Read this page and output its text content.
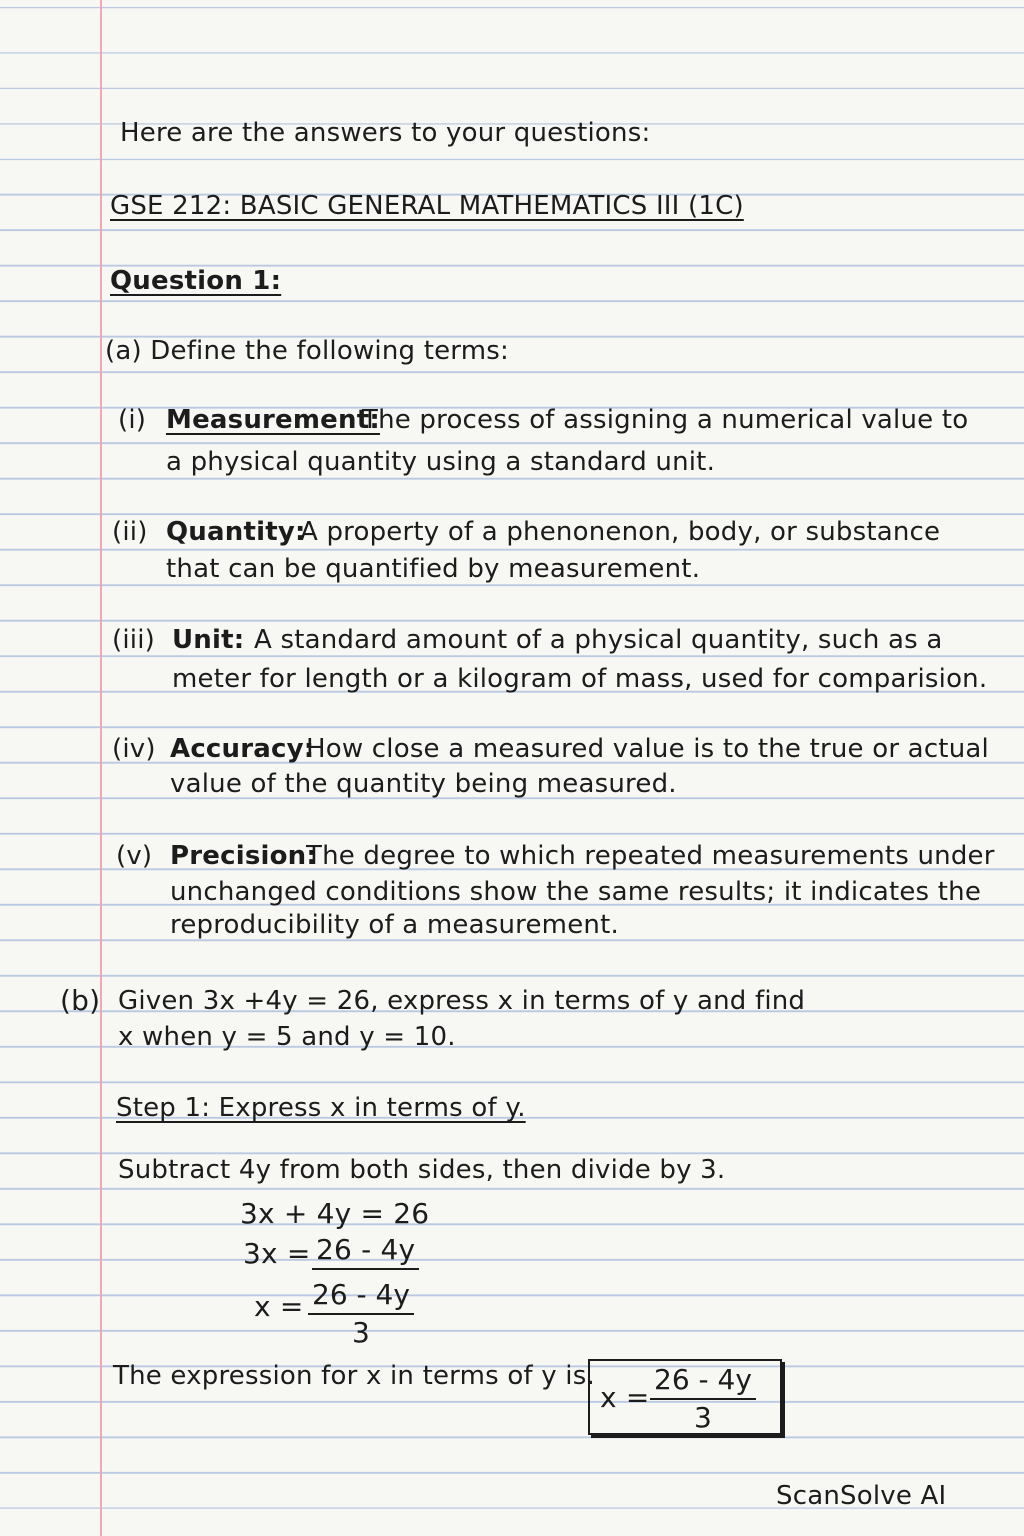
Here are the answers to your questions:
GSE 212: BASIC GENERAL MATHEMATICS III (1C)
Question 1:
(a) Define the following terms:
(i) Measurement:
The process of assigning a numerical value to
a physical quantity using a standard unit.
(ii) Quantity:
A property of a phenonenon, body, or substance
that can be quantified by measurement.
(iii) Unit: A standard amount of a physical quantity, such as a
meter for length or a kilogram of mass, used for comparision.
(iv) Accuracy:
How close a measured value is to the true or actual
value of the quantity being measured.
(v) Precision:
The degree to which repeated measurements under
unchanged conditions show the same results; it indicates the
reproducibility of a measurement.
(b) Given 3x +4y = 26, express x in terms of y and find
x when y = 5 and y = 10.
Step 1: Express x in terms of y.
Subtract 4y from both sides, then divide by 3.
3x + 4y = 26
3x = 26 - 4y
$x = \frac{26 - 4y}{3}$
The expression for x in terms of y is.
$x = \frac{26 - 4y}{3}$
ScanSolve AI
